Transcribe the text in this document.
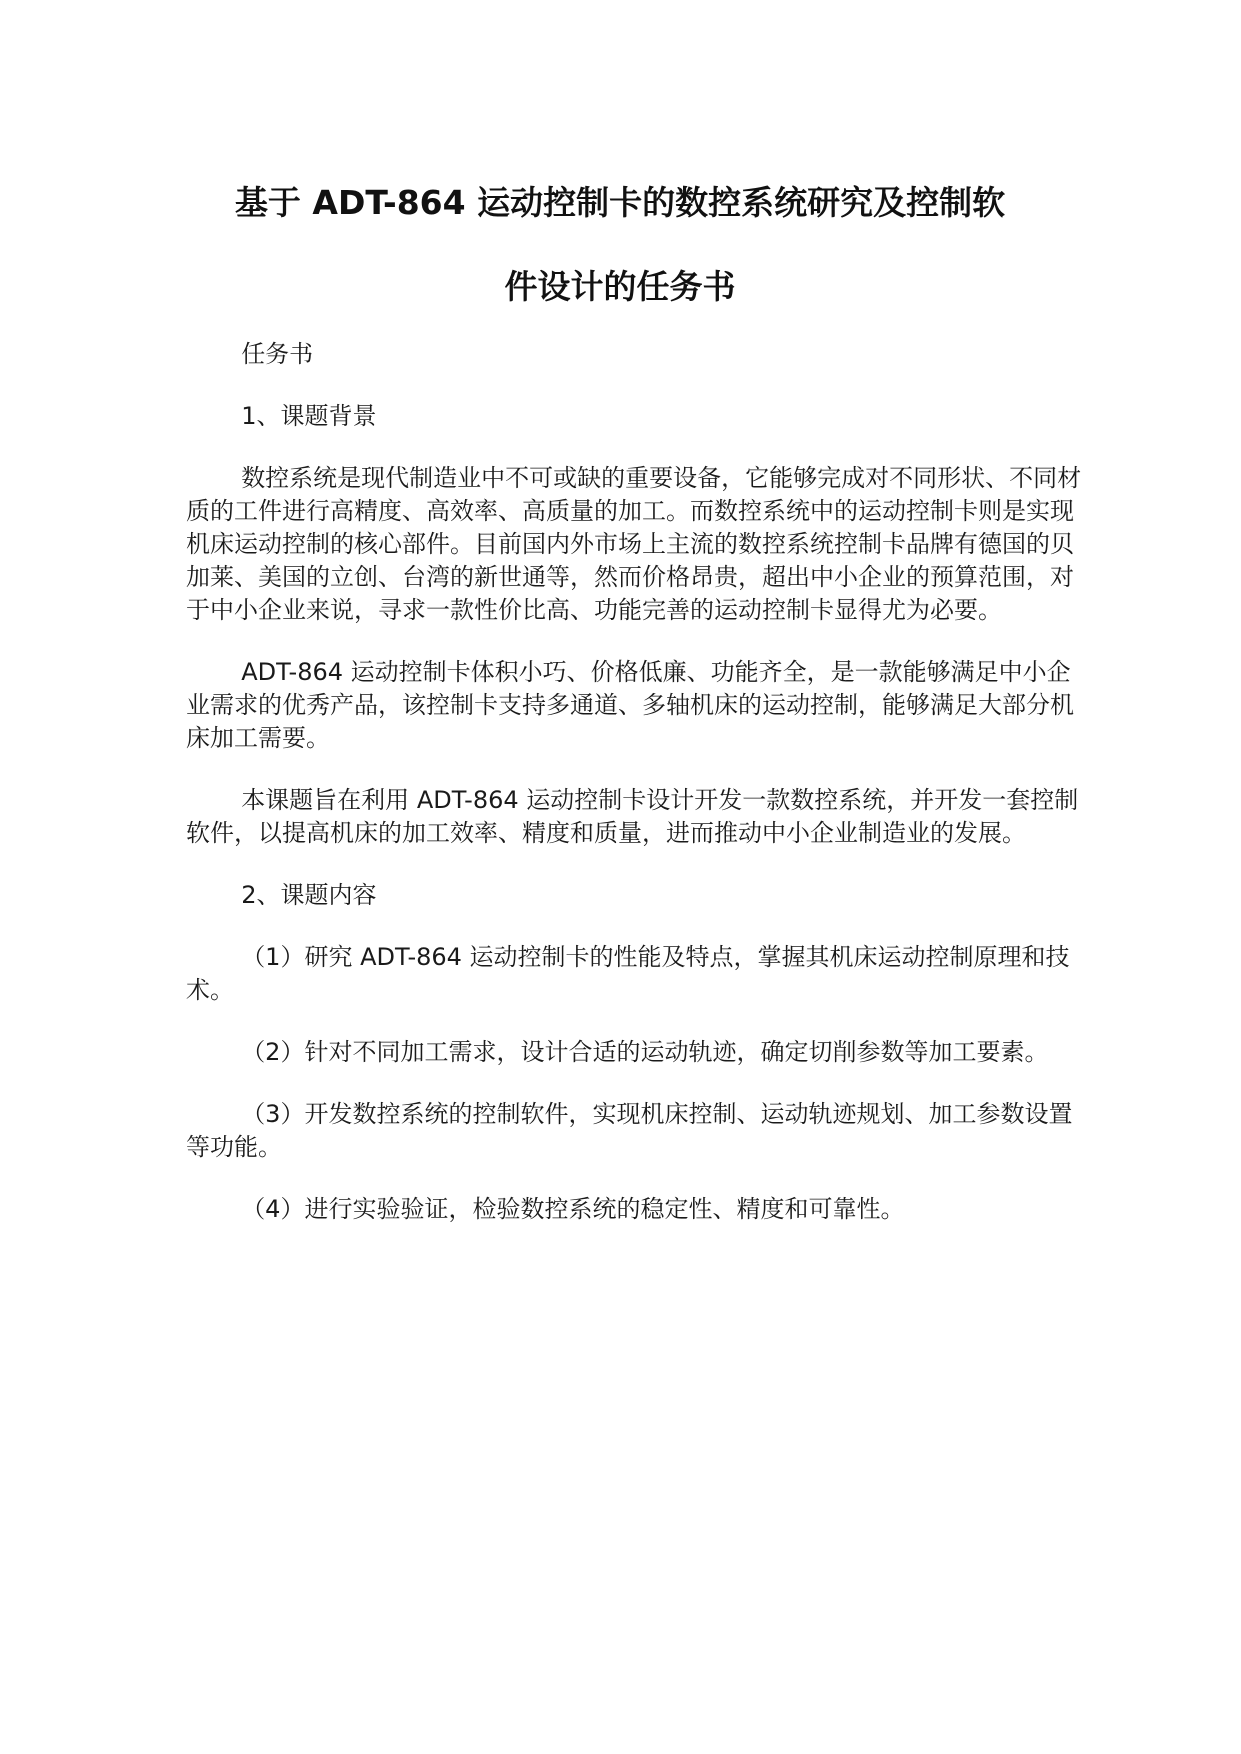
基于 ADT-864 运动控制卡的数控系统研究及控制软
件设计的任务书

任务书

1、课题背景

数控系统是现代制造业中不可或缺的重要设备，它能够完成对不同形状、不同材质的工件进行高精度、高效率、高质量的加工。而数控系统中的运动控制卡则是实现机床运动控制的核心部件。目前国内外市场上主流的数控系统控制卡品牌有德国的贝加莱、美国的立创、台湾的新世通等，然而价格昂贵，超出中小企业的预算范围，对于中小企业来说，寻求一款性价比高、功能完善的运动控制卡显得尤为必要。

ADT-864 运动控制卡体积小巧、价格低廉、功能齐全，是一款能够满足中小企业需求的优秀产品，该控制卡支持多通道、多轴机床的运动控制，能够满足大部分机床加工需要。

本课题旨在利用 ADT-864 运动控制卡设计开发一款数控系统，并开发一套控制软件，以提高机床的加工效率、精度和质量，进而推动中小企业制造业的发展。

2、课题内容

（1）研究 ADT-864 运动控制卡的性能及特点，掌握其机床运动控制原理和技术。

（2）针对不同加工需求，设计合适的运动轨迹，确定切削参数等加工要素。

（3）开发数控系统的控制软件，实现机床控制、运动轨迹规划、加工参数设置等功能。

（4）进行实验验证，检验数控系统的稳定性、精度和可靠性。
